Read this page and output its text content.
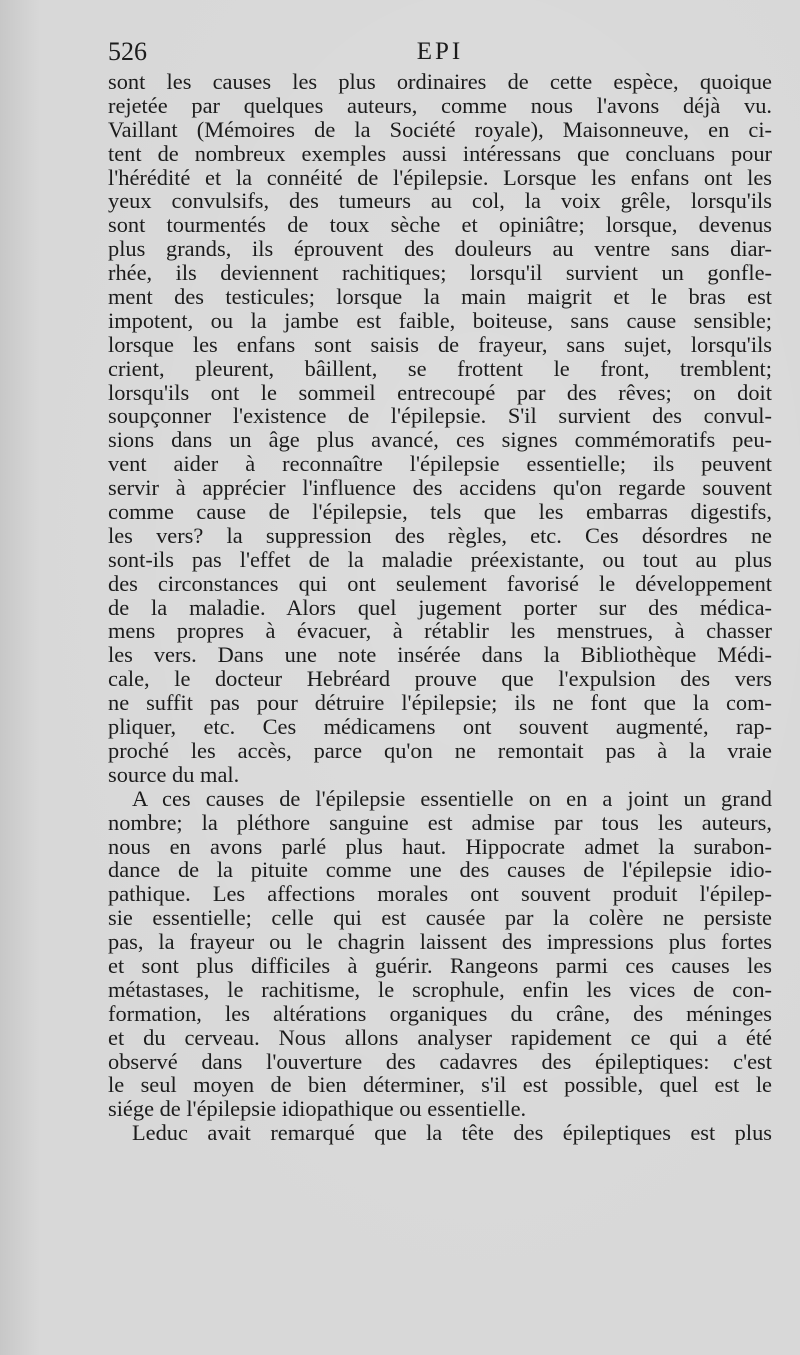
526	EPI
sont les causes les plus ordinaires de cette espèce, quoique
rejetée par quelques auteurs, comme nous l'avons déjà vu.
Vaillant (Mémoires de la Société royale), Maisonneuve, en ci-
tent de nombreux exemples aussi intéressans que concluans pour
l'hérédité et la connéité de l'épilepsie. Lorsque les enfans ont les
yeux convulsifs, des tumeurs au col, la voix grêle, lorsqu'ils
sont tourmentés de toux sèche et opiniâtre; lorsque, devenus
plus grands, ils éprouvent des douleurs au ventre sans diar-
rhée, ils deviennent rachitiques; lorsqu'il survient un gonfle-
ment des testicules; lorsque la main maigrit et le bras est
impotent, ou la jambe est faible, boiteuse, sans cause sensible;
lorsque les enfans sont saisis de frayeur, sans sujet, lorsqu'ils
crient, pleurent, bâillent, se frottent le front, tremblent;
lorsqu'ils ont le sommeil entrecoupé par des rêves; on doit
soupçonner l'existence de l'épilepsie. S'il survient des convul-
sions dans un âge plus avancé, ces signes commémoratifs peu-
vent aider à reconnaître l'épilepsie essentielle; ils peuvent
servir à apprécier l'influence des accidens qu'on regarde souvent
comme cause de l'épilepsie, tels que les embarras digestifs,
les vers? la suppression des règles, etc. Ces désordres ne
sont-ils pas l'effet de la maladie préexistante, ou tout au plus
des circonstances qui ont seulement favorisé le développement
de la maladie. Alors quel jugement porter sur des médica-
mens propres à évacuer, à rétablir les menstrues, à chasser
les vers. Dans une note insérée dans la Bibliothèque Médi-
cale, le docteur Hebréard prouve que l'expulsion des vers
ne suffit pas pour détruire l'épilepsie; ils ne font que la com-
pliquer, etc. Ces médicamens ont souvent augmenté, rap-
proché les accès, parce qu'on ne remontait pas à la vraie
source du mal.
A ces causes de l'épilepsie essentielle on en a joint un grand
nombre; la pléthore sanguine est admise par tous les auteurs,
nous en avons parlé plus haut. Hippocrate admet la surabon-
dance de la pituite comme une des causes de l'épilepsie idio-
pathique. Les affections morales ont souvent produit l'épilep-
sie essentielle; celle qui est causée par la colère ne persiste
pas, la frayeur ou le chagrin laissent des impressions plus fortes
et sont plus difficiles à guérir. Rangeons parmi ces causes les
métastases, le rachitisme, le scrophule, enfin les vices de con-
formation, les altérations organiques du crâne, des méninges
et du cerveau. Nous allons analyser rapidement ce qui a été
observé dans l'ouverture des cadavres des épileptiques: c'est
le seul moyen de bien déterminer, s'il est possible, quel est le
siége de l'épilepsie idiopathique ou essentielle.
Leduc avait remarqué que la tête des épileptiques est plus
